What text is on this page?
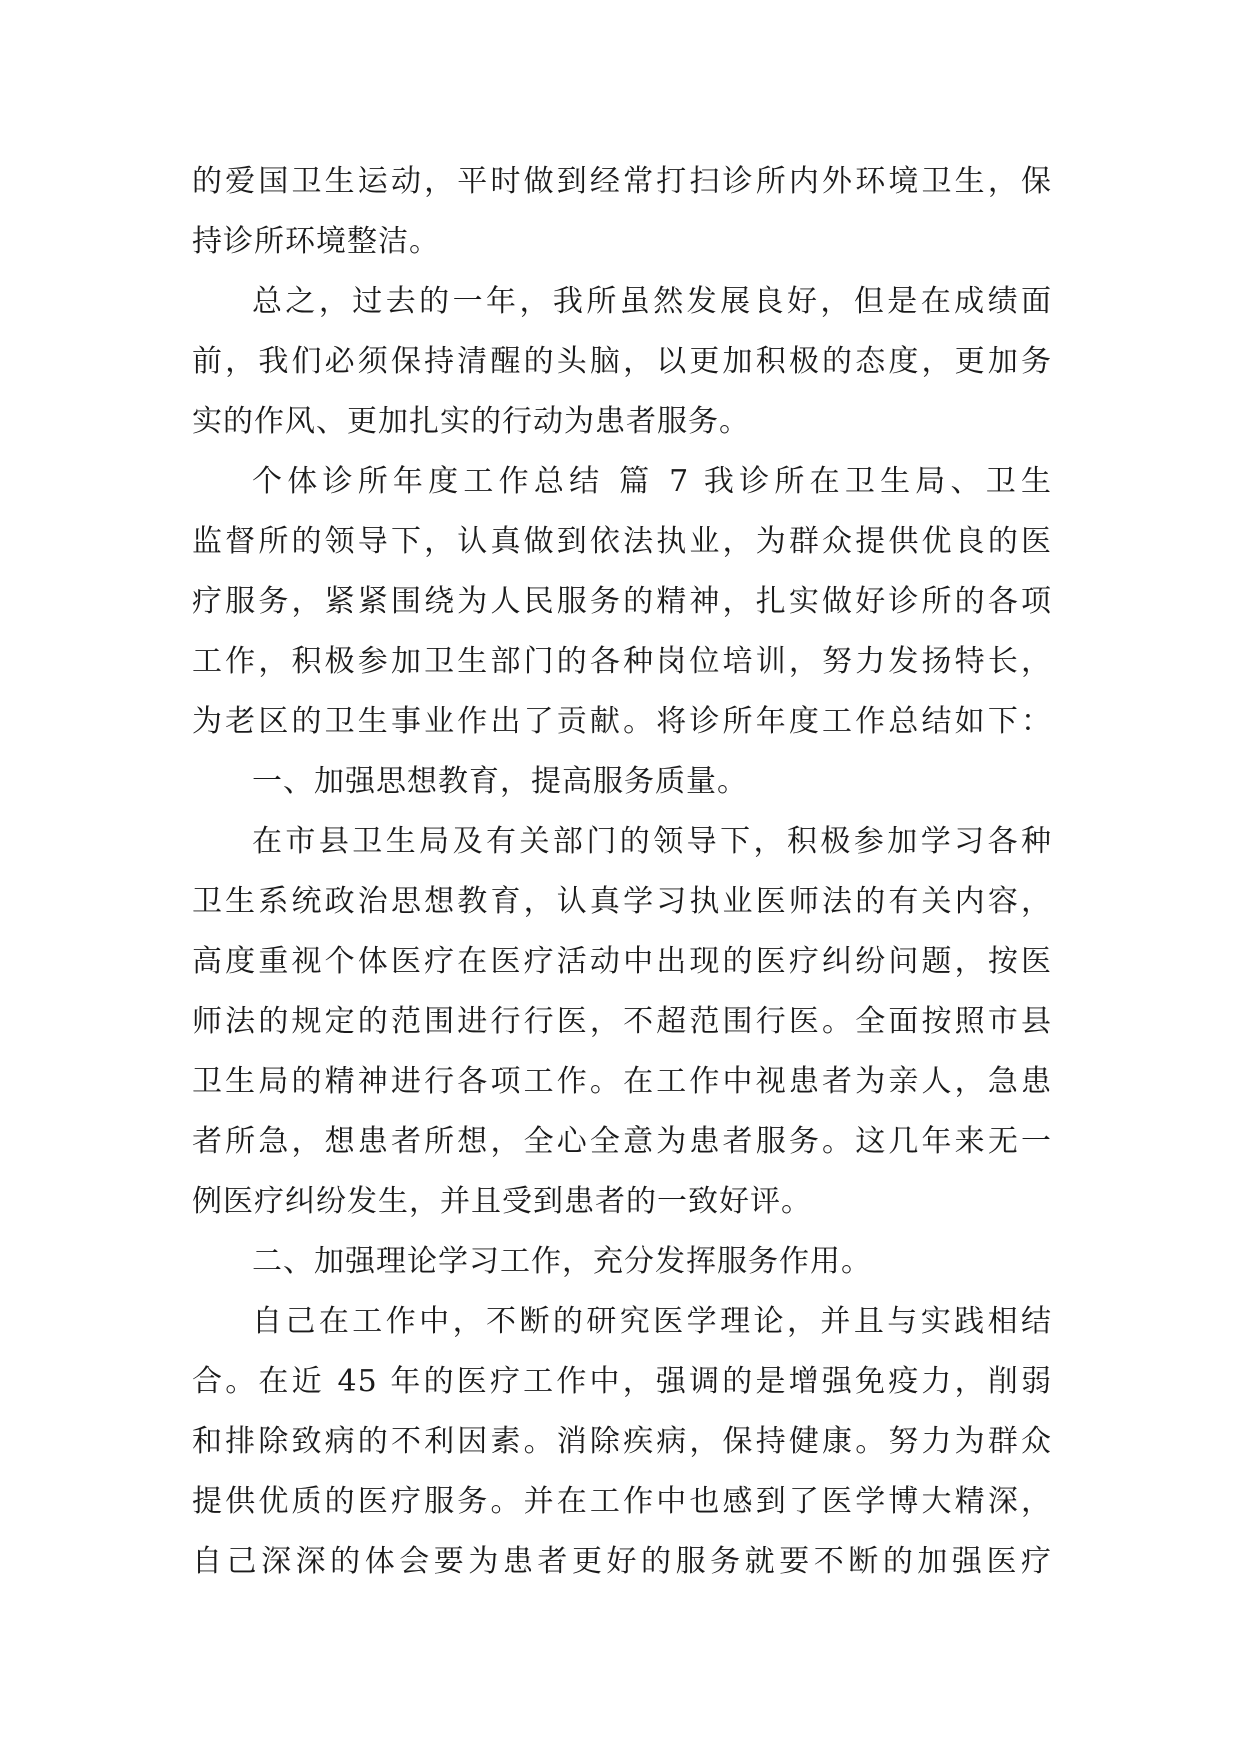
的爱国卫生运动，平时做到经常打扫诊所内外环境卫生，保
持诊所环境整洁。
总之，过去的一年，我所虽然发展良好，但是在成绩面
前，我们必须保持清醒的头脑，以更加积极的态度，更加务
实的作风、更加扎实的行动为患者服务。
个体诊所年度工作总结 篇 7 我诊所在卫生局、卫生
监督所的领导下，认真做到依法执业，为群众提供优良的医
疗服务，紧紧围绕为人民服务的精神，扎实做好诊所的各项
工作，积极参加卫生部门的各种岗位培训，努力发扬特长，
为老区的卫生事业作出了贡献。将诊所年度工作总结如下：
一、加强思想教育，提高服务质量。
在市县卫生局及有关部门的领导下，积极参加学习各种
卫生系统政治思想教育，认真学习执业医师法的有关内容，
高度重视个体医疗在医疗活动中出现的医疗纠纷问题，按医
师法的规定的范围进行行医，不超范围行医。全面按照市县
卫生局的精神进行各项工作。在工作中视患者为亲人，急患
者所急，想患者所想，全心全意为患者服务。这几年来无一
例医疗纠纷发生，并且受到患者的一致好评。
二、加强理论学习工作，充分发挥服务作用。
自己在工作中，不断的研究医学理论，并且与实践相结
合。在近 45 年的医疗工作中，强调的是增强免疫力，削弱
和排除致病的不利因素。消除疾病，保持健康。努力为群众
提供优质的医疗服务。并在工作中也感到了医学博大精深，
自己深深的体会要为患者更好的服务就要不断的加强医疗
